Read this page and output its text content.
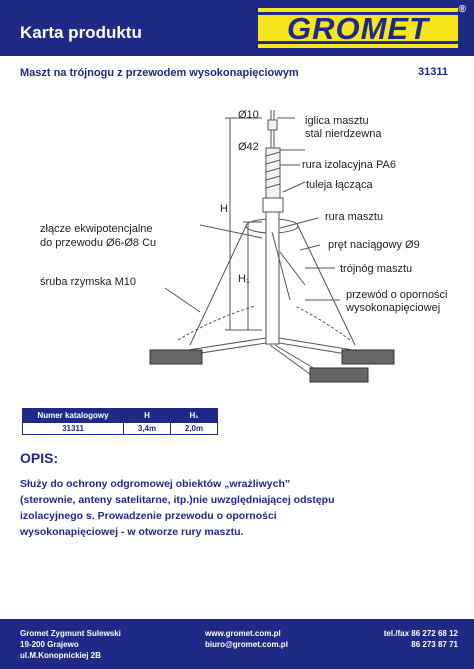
Karta produktu	GROMET
®
Maszt na trójnogu z przewodem wysokonapięciowym	31311
Ø10
Ø42
iglica masztu
stal nierdzewna
rura izolacyjna PA6
tuleja łącząca
złącze ekwipotencjalne
do przewodu Ø6-Ø8 Cu
rura masztu
pręt naciągowy Ø9
trójnóg masztu
śruba rzymska M10
przewód o oporności
wysokonapięciowej
H
H₁
Numer katalogowy	H	H₁
31311	3,4m	2,0m
OPIS:
Służy do ochrony odgromowej obiektów „wrażliwych” (sterownie, anteny satelitarne, itp.)nie uwzględniającej odstępu izolacyjnego s. Prowadzenie przewodu o oporności wysokonapięciowej - w otworze rury masztu.
Gromet Zygmunt Sulewski
19-200 Grajewo
ul.M.Konopnickiej 2B
www.gromet.com.pl
biuro@gromet.com.pl
tel./fax 86 272 68 12
86 273 87 71
